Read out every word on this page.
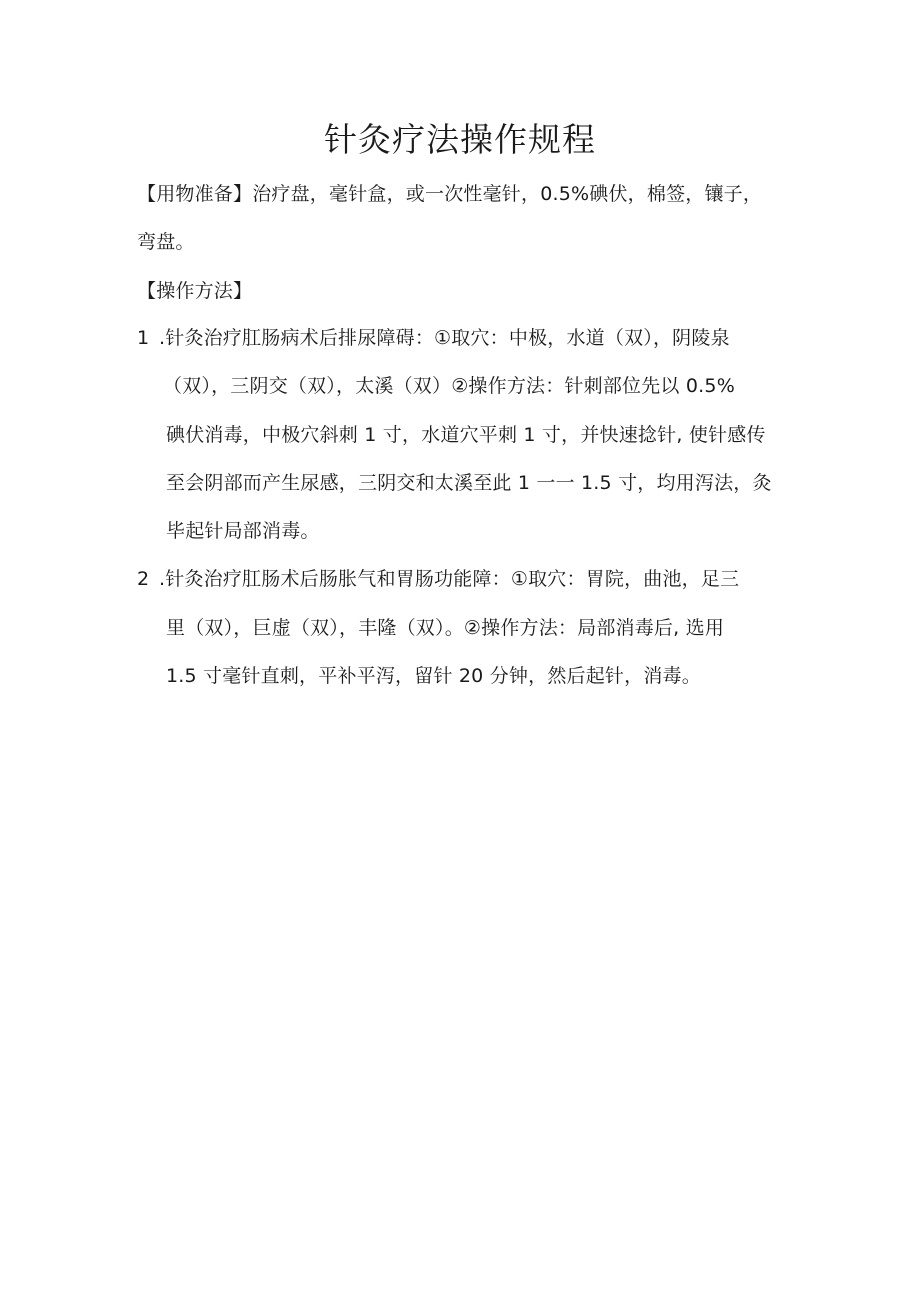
针灸疗法操作规程
【用物准备】治疗盘，毫针盒，或一次性毫针，0.5%碘伏，棉签，镶子，
弯盘。
【操作方法】
1 .针灸治疗肛肠病术后排尿障碍：①取穴：中极，水道（双），阴陵泉
（双），三阴交（双），太溪（双）②操作方法：针刺部位先以 0.5%
碘伏消毒，中极穴斜刺 1 寸，水道穴平刺 1 寸，并快速捻针, 使针感传
至会阴部而产生尿感，三阴交和太溪至此 1 一一 1.5 寸，均用泻法，灸
毕起针局部消毒。
2 .针灸治疗肛肠术后肠胀气和胃肠功能障：①取穴：胃院，曲池，足三
里（双），巨虚（双），丰隆（双）。②操作方法：局部消毒后, 选用
1.5 寸毫针直刺，平补平泻，留针 20 分钟，然后起针，消毒。
